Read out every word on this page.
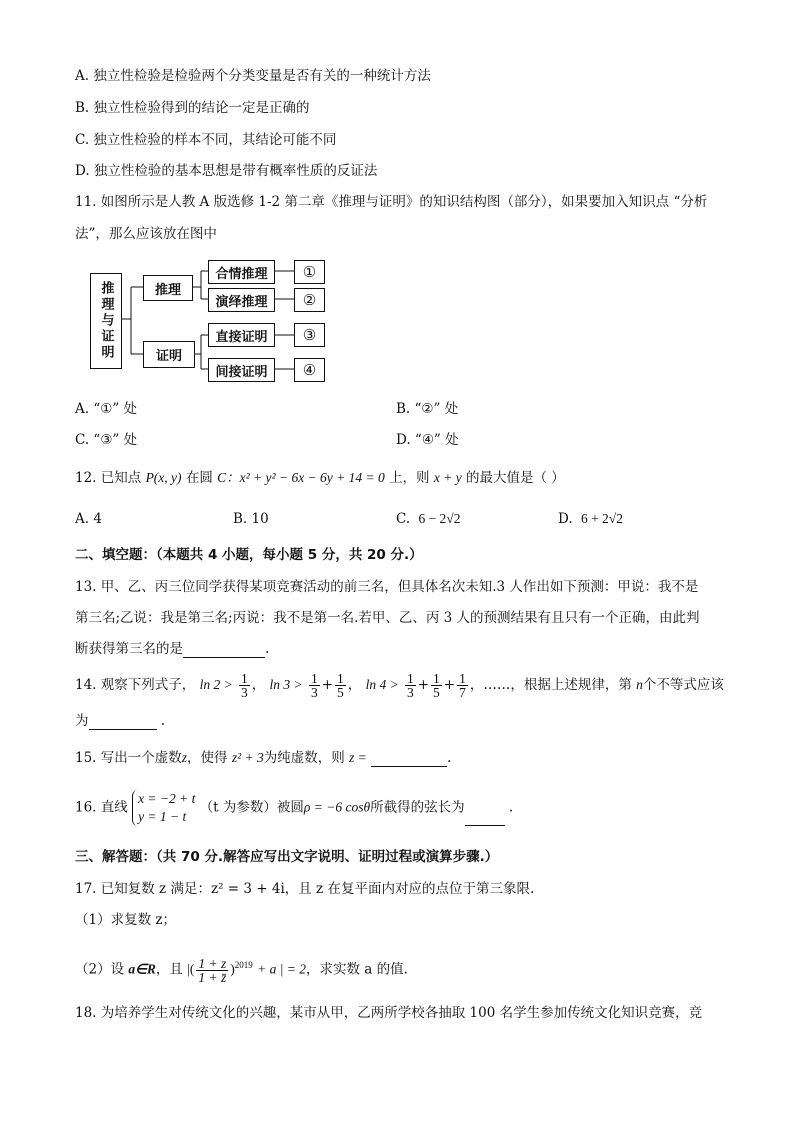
A. 独立性检验是检验两个分类变量是否有关的一种统计方法
B. 独立性检验得到的结论一定是正确的
C. 独立性检验的样本不同，其结论可能不同
D. 独立性检验的基本思想是带有概率性质的反证法
11. 如图所示是人教 A 版选修 1-2 第二章《推理与证明》的知识结构图（部分），如果要加入知识点 “分析
法”，那么应该放在图中
推理与证明	推理
证明
合情推理
演绎推理
直接证明
间接证明
①
②
③
④
A. “①” 处	B. “②” 处
C. “③” 处	D. “④” 处
12. 已知点 P(x, y) 在圆 C：x² + y² − 6x − 6y + 14 = 0 上，则 x + y 的最大值是（ ）
A. 4	B. 10	C. 6 − 2√2	D. 6 + 2√2
二、填空题：（本题共 4 小题，每小题 5 分，共 20 分.）
13. 甲、乙、丙三位同学获得某项竞赛活动的前三名，但具体名次未知.3 人作出如下预测：甲说：我不是
第三名;乙说：我是第三名;丙说：我不是第一名.若甲、乙、丙 3 人的预测结果有且只有一个正确，由此判
断获得第三名的是	.
14. 观察下列式子， $\ln 2 > \frac{1}{3}$ ， $\ln 3 > \frac{1}{3} + \frac{1}{5}$ ， $\ln 4 > \frac{1}{3} + \frac{1}{5} + \frac{1}{7}$ ，……，根据上述规律，第 n个不等式应该
为	.
15. 写出一个虚数z，使得 z² + 3为纯虚数，则 z =	.
16. 直线
x = −2 + t
y = 1 − t
（t 为参数）被圆ρ = −6 cosθ所截得的弦长为	.
三、解答题：（共 70 分.解答应写出文字说明、证明过程或演算步骤.）
17. 已知复数 z 满足：z² = 3 + 4i，且 z 在复平面内对应的点位于第三象限.
（1）求复数 z；
（2）设 a∈R，且 |( $\frac{1 + z}{1 + z̄} )^{2019} + a$ | = 2，求实数 a 的值.
18. 为培养学生对传统文化的兴趣，某市从甲，乙两所学校各抽取 100 名学生参加传统文化知识竞赛，竞
